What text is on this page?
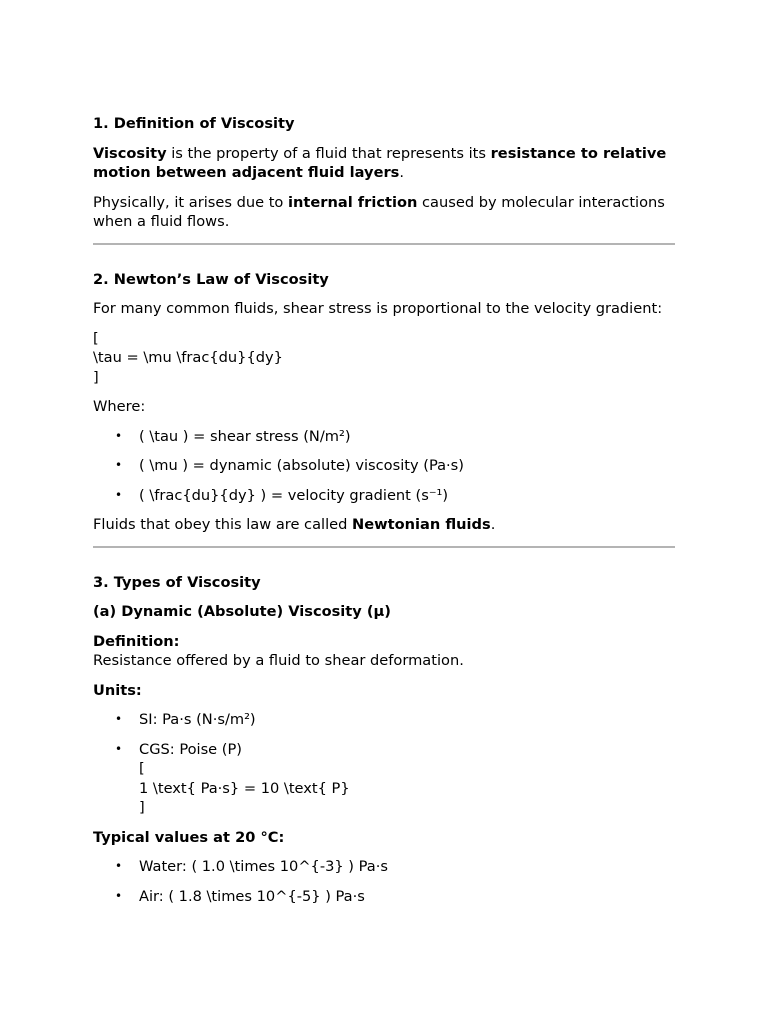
1. Definition of Viscosity

Viscosity is the property of a fluid that represents its resistance to relative motion between adjacent fluid layers.

Physically, it arises due to internal friction caused by molecular interactions when a fluid flows.

2. Newton’s Law of Viscosity

For many common fluids, shear stress is proportional to the velocity gradient:

[
\tau = \mu \frac{du}{dy}
]

Where:

• ( \tau ) = shear stress (N/m²)
• ( \mu ) = dynamic (absolute) viscosity (Pa·s)
• ( \frac{du}{dy} ) = velocity gradient (s⁻¹)

Fluids that obey this law are called Newtonian fluids.

3. Types of Viscosity

(a) Dynamic (Absolute) Viscosity (μ)

Definition:
Resistance offered by a fluid to shear deformation.

Units:

• SI: Pa·s (N·s/m²)
• CGS: Poise (P)
[
1 \text{ Pa·s} = 10 \text{ P}
]

Typical values at 20 °C:

• Water: ( 1.0 \times 10^{-3} ) Pa·s
• Air: ( 1.8 \times 10^{-5} ) Pa·s
